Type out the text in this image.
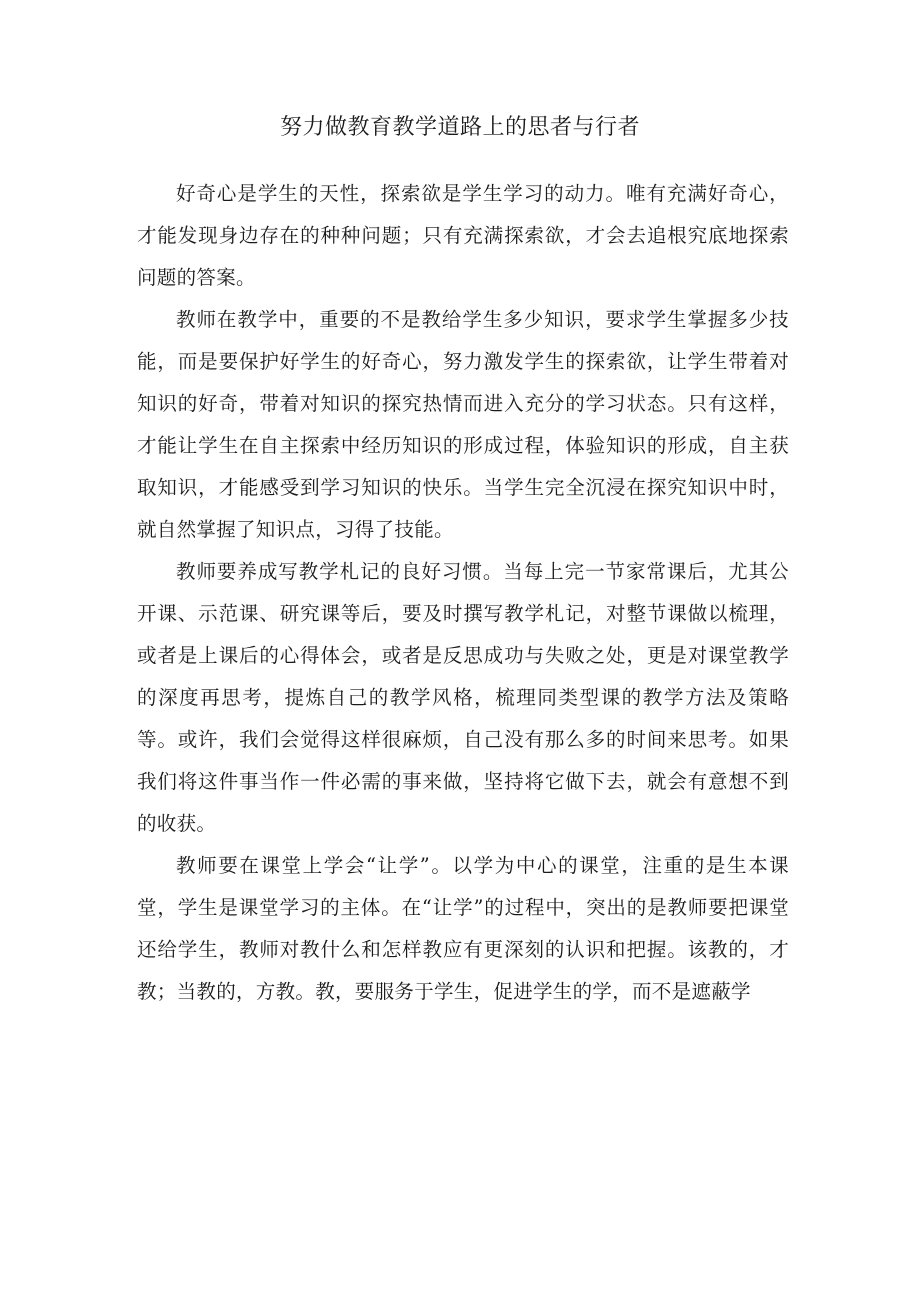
努力做教育教学道路上的思者与行者

好奇心是学生的天性，探索欲是学生学习的动力。唯有充满好奇心，才能发现身边存在的种种问题；只有充满探索欲，才会去追根究底地探索问题的答案。

教师在教学中，重要的不是教给学生多少知识，要求学生掌握多少技能，而是要保护好学生的好奇心，努力激发学生的探索欲，让学生带着对知识的好奇，带着对知识的探究热情而进入充分的学习状态。只有这样，才能让学生在自主探索中经历知识的形成过程，体验知识的形成，自主获取知识，才能感受到学习知识的快乐。当学生完全沉浸在探究知识中时，就自然掌握了知识点，习得了技能。

教师要养成写教学札记的良好习惯。当每上完一节家常课后，尤其公开课、示范课、研究课等后，要及时撰写教学札记，对整节课做以梳理，或者是上课后的心得体会，或者是反思成功与失败之处，更是对课堂教学的深度再思考，提炼自己的教学风格，梳理同类型课的教学方法及策略等。或许，我们会觉得这样很麻烦，自己没有那么多的时间来思考。如果我们将这件事当作一件必需的事来做，坚持将它做下去，就会有意想不到的收获。

教师要在课堂上学会“让学”。以学为中心的课堂，注重的是生本课堂，学生是课堂学习的主体。在“让学”的过程中，突出的是教师要把课堂还给学生，教师对教什么和怎样教应有更深刻的认识和把握。该教的，才教；当教的，方教。教，要服务于学生，促进学生的学，而不是遮蔽学
